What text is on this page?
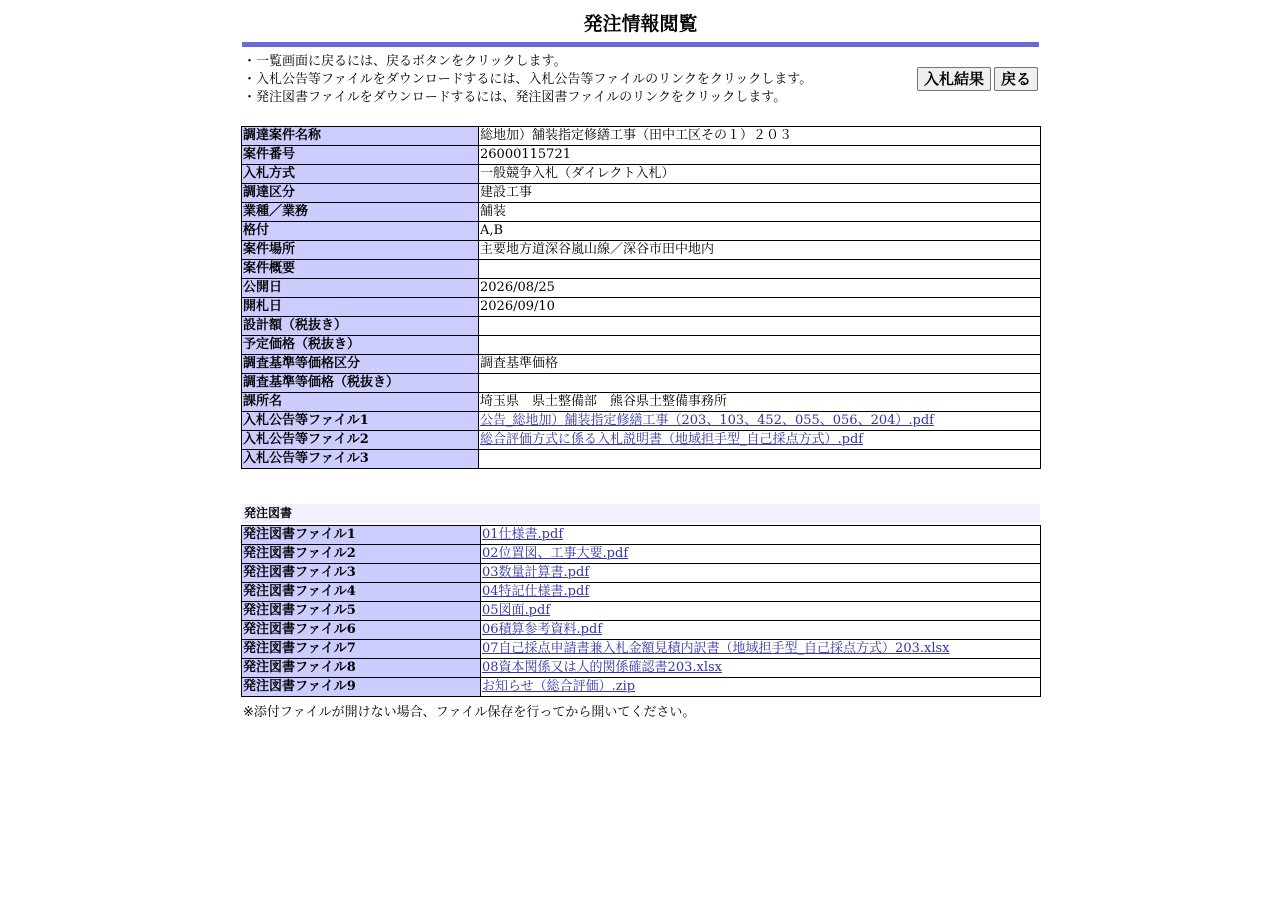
発注情報閲覧
・一覧画面に戻るには、戻るボタンをクリックします。
・入札公告等ファイルをダウンロードするには、入札公告等ファイルのリンクをクリックします。
・発注図書ファイルをダウンロードするには、発注図書ファイルのリンクをクリックします。
入札結果	戻る
調達案件名称	総地加）舗装指定修繕工事（田中工区その１）２０３
案件番号	26000115721
入札方式	一般競争入札（ダイレクト入札）
調達区分	建設工事
業種／業務	舗装
格付	A,B
案件場所	主要地方道深谷嵐山線／深谷市田中地内
案件概要	
公開日	2026/08/25
開札日	2026/09/10
設計額（税抜き）	
予定価格（税抜き）	
調査基準等価格区分	調査基準価格
調査基準等価格（税抜き）	
課所名	埼玉県　県土整備部　熊谷県土整備事務所
入札公告等ファイル1	公告_総地加）舗装指定修繕工事（203、103、452、055、056、204）.pdf
入札公告等ファイル2	総合評価方式に係る入札説明書（地域担手型_自己採点方式）.pdf
入札公告等ファイル3	
発注図書
発注図書ファイル1	01仕様書.pdf
発注図書ファイル2	02位置図、工事大要.pdf
発注図書ファイル3	03数量計算書.pdf
発注図書ファイル4	04特記仕様書.pdf
発注図書ファイル5	05図面.pdf
発注図書ファイル6	06積算参考資料.pdf
発注図書ファイル7	07自己採点申請書兼入札金額見積内訳書（地域担手型_自己採点方式）203.xlsx
発注図書ファイル8	08資本関係又は人的関係確認書203.xlsx
発注図書ファイル9	お知らせ（総合評価）.zip
※添付ファイルが開けない場合、ファイル保存を行ってから開いてください。
